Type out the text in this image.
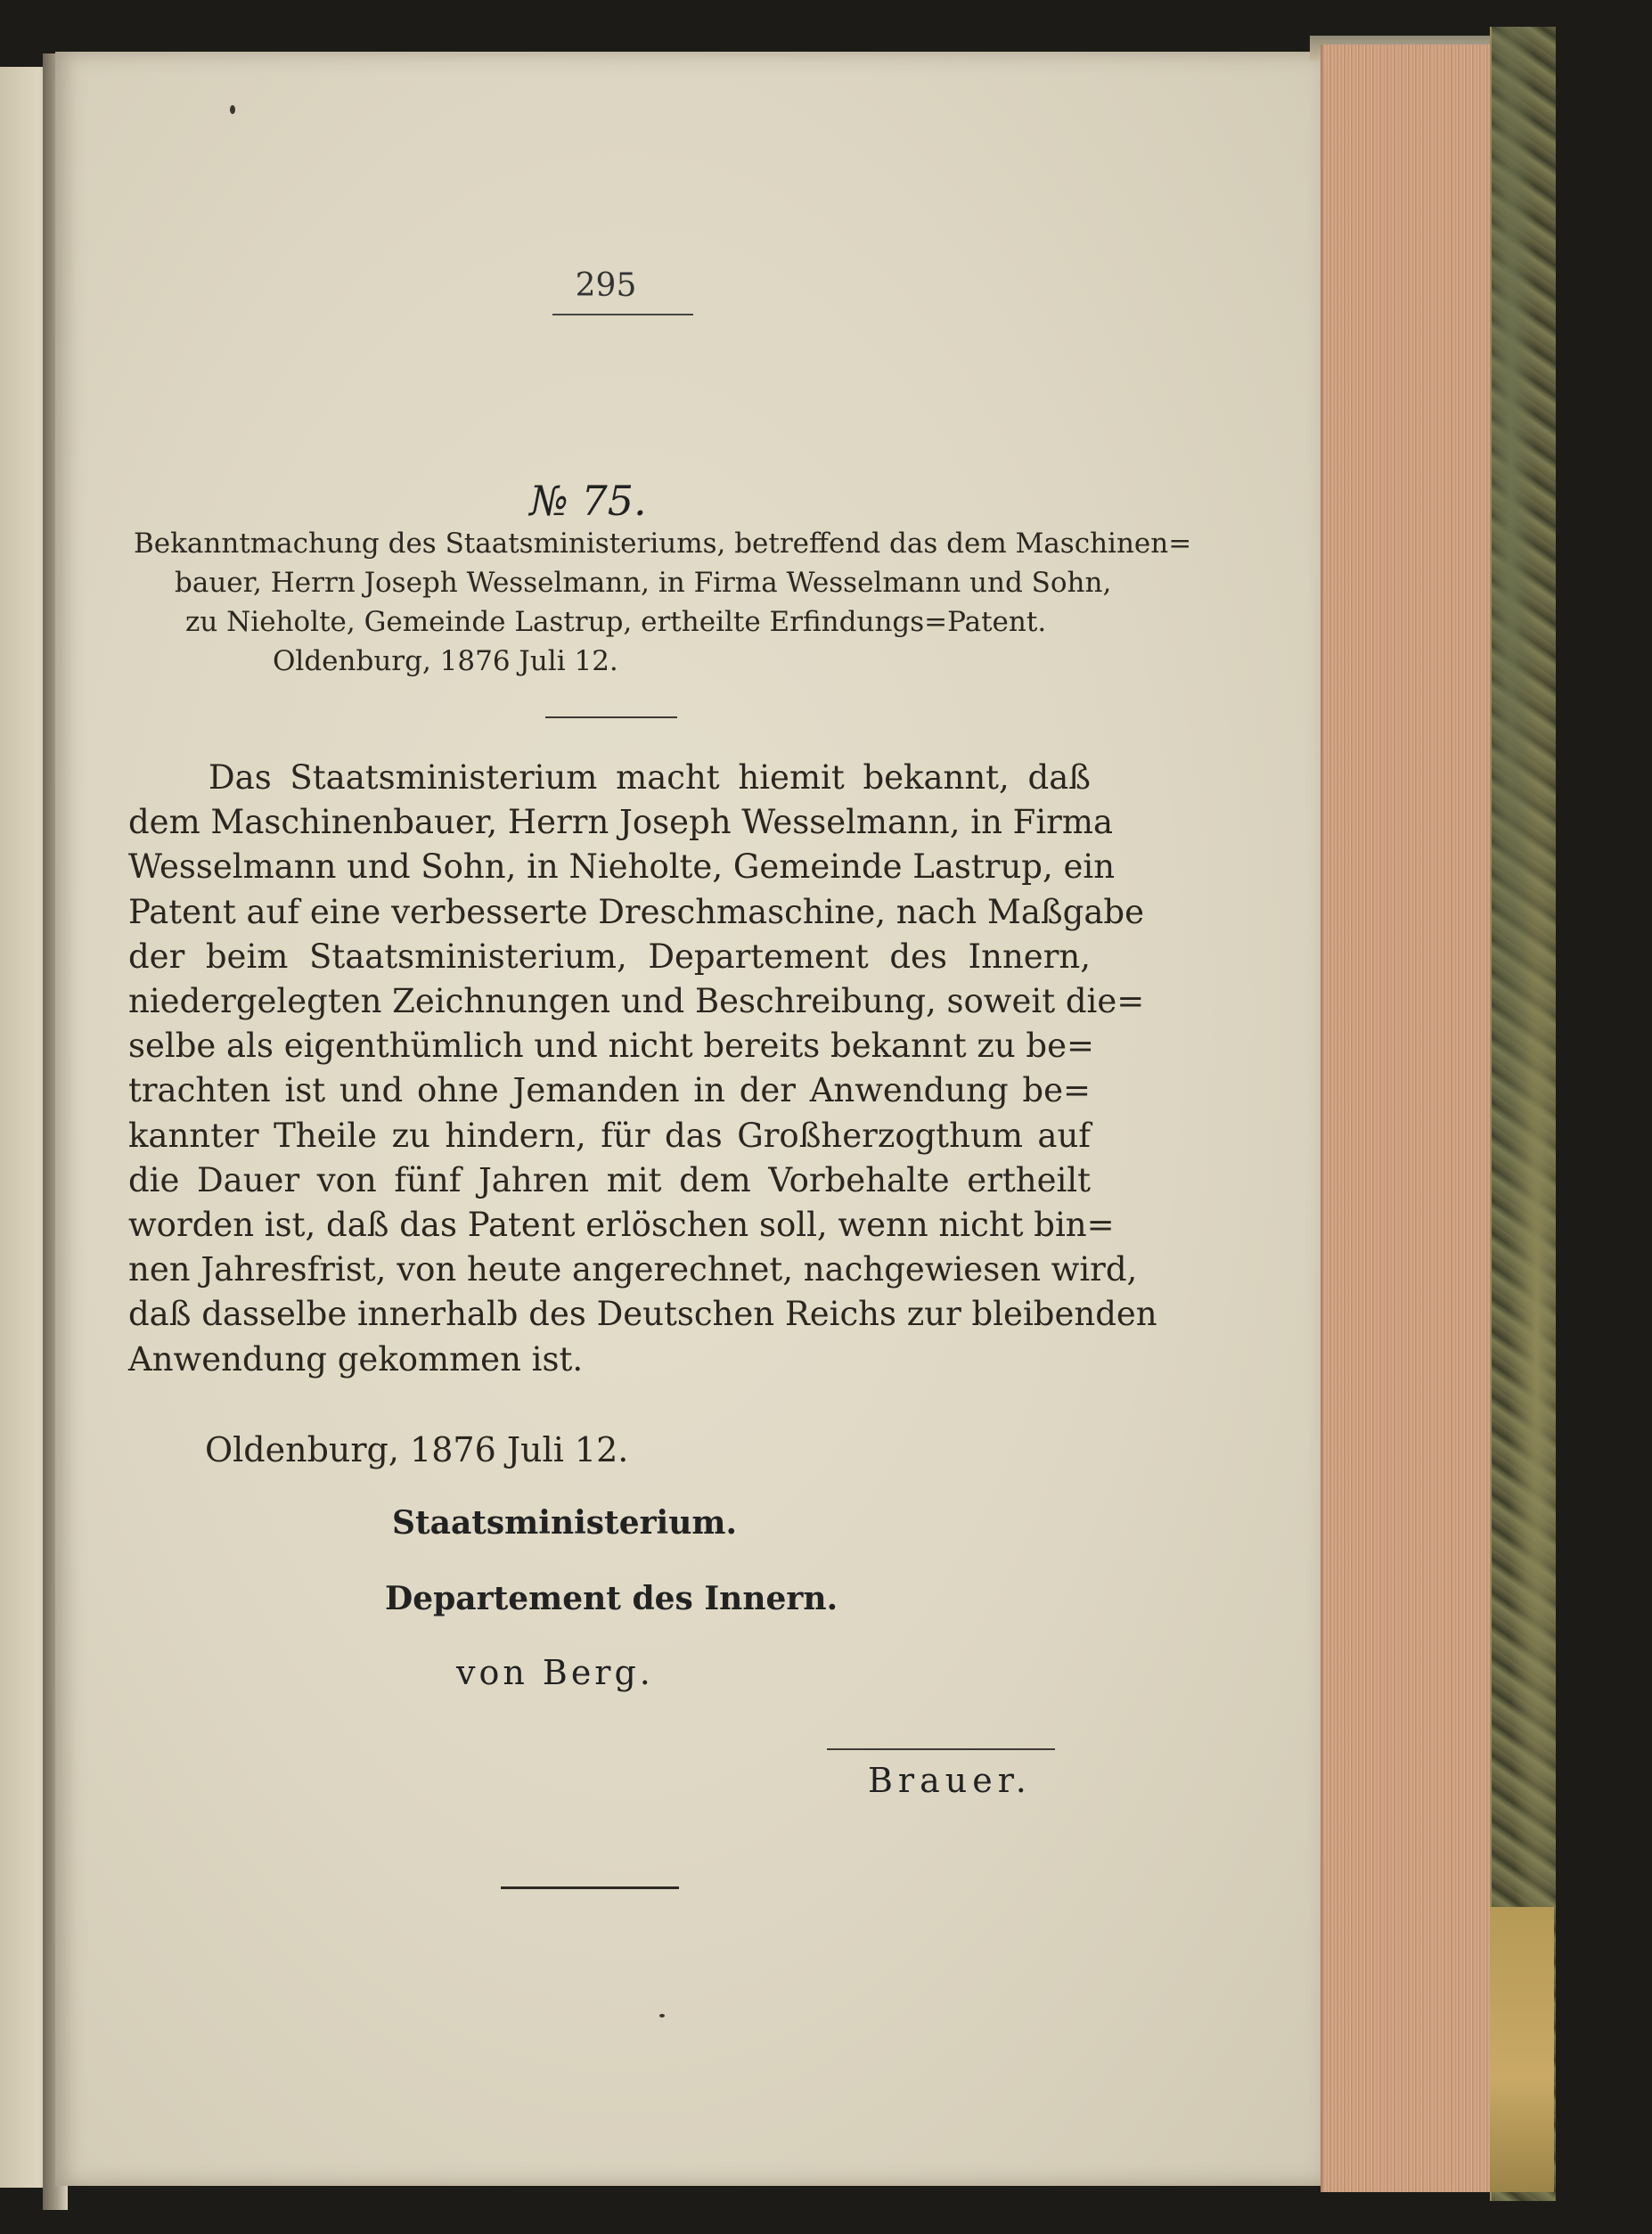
295
№ 75.
Bekanntmachung des Staatsministeriums, betreffend das dem Maschinen=
bauer, Herrn Joseph Wesselmann, in Firma Wesselmann und Sohn,
zu Nieholte, Gemeinde Lastrup, ertheilte Erfindungs=Patent.
Oldenburg, 1876 Juli 12.
Das Staatsministerium macht hiemit bekannt, daß
dem Maschinenbauer, Herrn Joseph Wesselmann, in Firma
Wesselmann und Sohn, in Nieholte, Gemeinde Lastrup, ein
Patent auf eine verbesserte Dreschmaschine, nach Maßgabe
der beim Staatsministerium, Departement des Innern,
niedergelegten Zeichnungen und Beschreibung, soweit die=
selbe als eigenthümlich und nicht bereits bekannt zu be=
trachten ist und ohne Jemanden in der Anwendung be=
kannter Theile zu hindern, für das Großherzogthum auf
die Dauer von fünf Jahren mit dem Vorbehalte ertheilt
worden ist, daß das Patent erlöschen soll, wenn nicht bin=
nen Jahresfrist, von heute angerechnet, nachgewiesen wird,
daß dasselbe innerhalb des Deutschen Reichs zur bleibenden
Anwendung gekommen ist.
Oldenburg, 1876 Juli 12.
Staatsministerium.
Departement des Innern.
von Berg.
Brauer.
